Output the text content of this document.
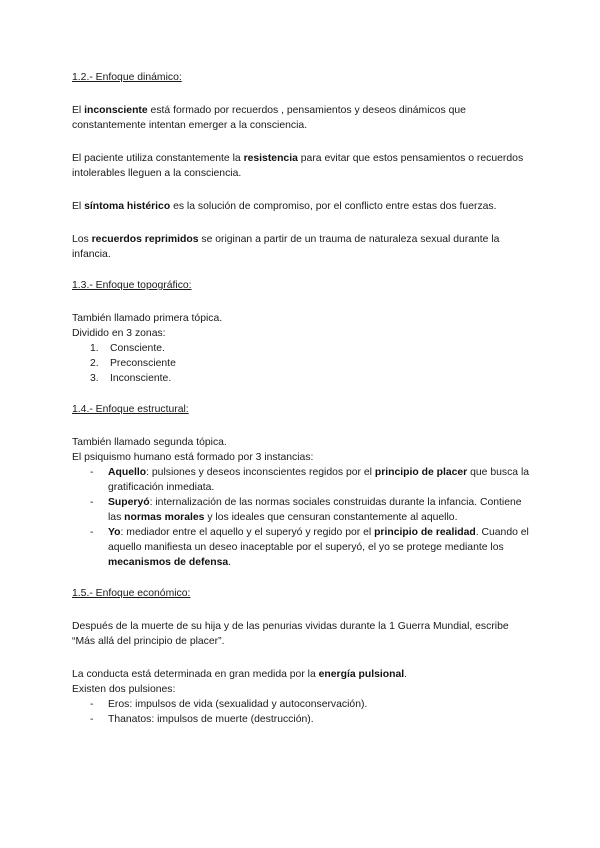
1.2.- Enfoque dinámico:

El inconsciente está formado por recuerdos , pensamientos y deseos dinámicos que constantemente intentan emerger a la consciencia.

El paciente utiliza constantemente la resistencia para evitar que estos pensamientos o recuerdos intolerables lleguen a la consciencia.

El síntoma histérico es la solución de compromiso, por el conflicto entre estas dos fuerzas.

Los recuerdos reprimidos se originan a partir de un trauma de naturaleza sexual durante la infancia.

1.3.- Enfoque topográfico:

También llamado primera tópica.

Dividido en 3 zonas:

1. Consciente.
2. Preconsciente
3. Inconsciente.

1.4.- Enfoque estructural:

También llamado segunda tópica.

El psiquismo humano está formado por 3 instancias:

- Aquello: pulsiones y deseos inconscientes regidos por el principio de placer que busca la gratificación inmediata.
- Superyó: internalización de las normas sociales construidas durante la infancia. Contiene las normas morales y los ideales que censuran constantemente al aquello.
- Yo: mediador entre el aquello y el superyó y regido por el principio de realidad. Cuando el aquello manifiesta un deseo inaceptable por el superyó, el yo se protege mediante los mecanismos de defensa.

1.5.- Enfoque económico:

Después de la muerte de su hija y de las penurias vividas durante la 1 Guerra Mundial, escribe “Más allá del principio de placer”.

La conducta está determinada en gran medida por la energía pulsional.

Existen dos pulsiones:

- Eros: impulsos de vida (sexualidad y autoconservación).
- Thanatos: impulsos de muerte (destrucción).
